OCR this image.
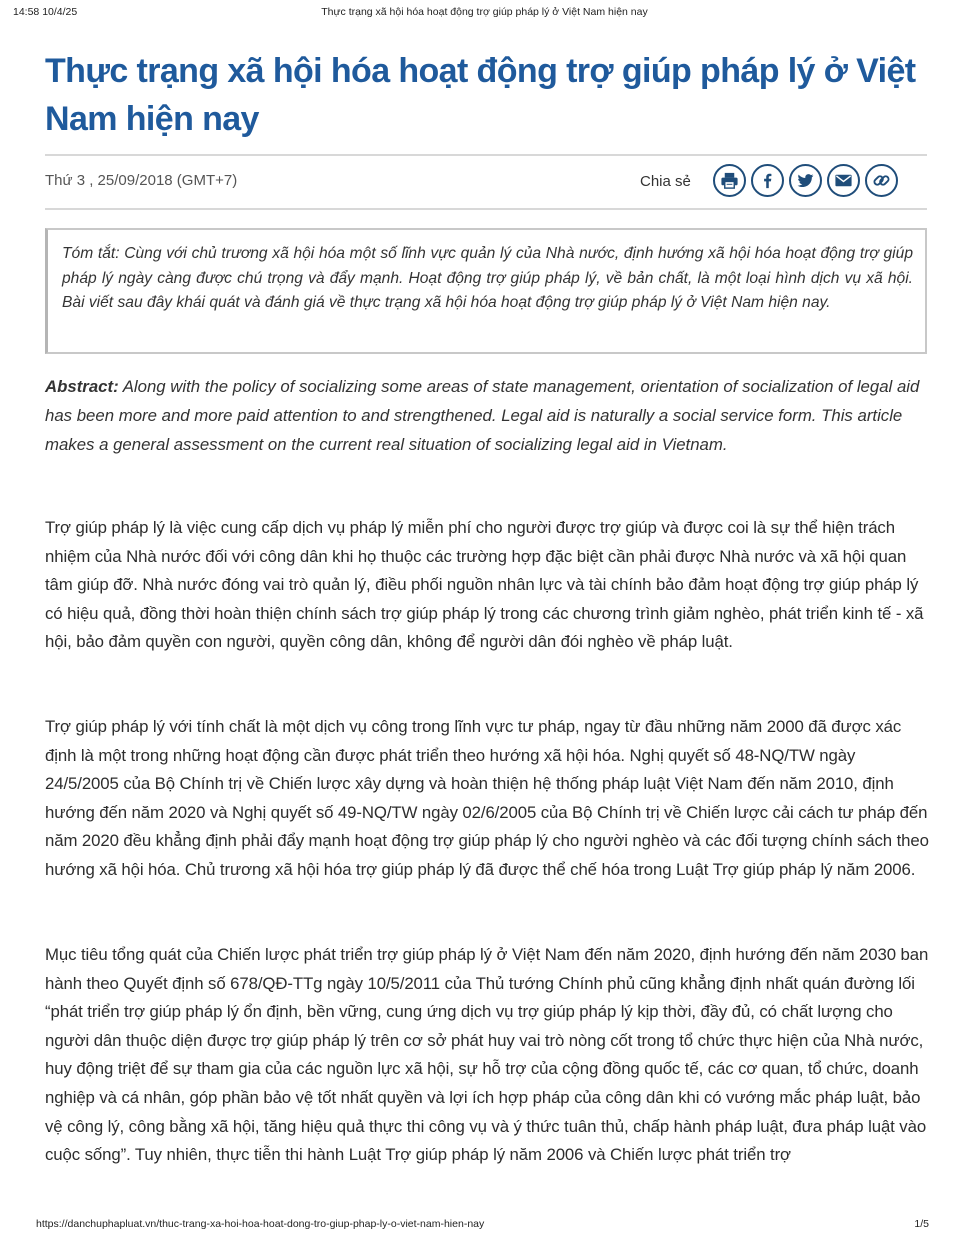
14:58 10/4/25	Thực trạng xã hội hóa hoạt động trợ giúp pháp lý ở Việt Nam hiện nay
Thực trạng xã hội hóa hoạt động trợ giúp pháp lý ở Việt Nam hiện nay
Thứ 3 , 25/09/2018 (GMT+7)	Chia sẻ
Tóm tắt: Cùng với chủ trương xã hội hóa một số lĩnh vực quản lý của Nhà nước, định hướng xã hội hóa hoạt động trợ giúp pháp lý ngày càng được chú trọng và đẩy mạnh. Hoạt động trợ giúp pháp lý, về bản chất, là một loại hình dịch vụ xã hội. Bài viết sau đây khái quát và đánh giá về thực trạng xã hội hóa hoạt động trợ giúp pháp lý ở Việt Nam hiện nay.

Abstract: Along with the policy of socializing some areas of state management, orientation of socialization of legal aid has been more and more paid attention to and strengthened. Legal aid is naturally a social service form. This article makes a general assessment on the current real situation of socializing legal aid in Vietnam.

Trợ giúp pháp lý là việc cung cấp dịch vụ pháp lý miễn phí cho người được trợ giúp và được coi là sự thể hiện trách nhiệm của Nhà nước đối với công dân khi họ thuộc các trường hợp đặc biệt cần phải được Nhà nước và xã hội quan tâm giúp đỡ. Nhà nước đóng vai trò quản lý, điều phối nguồn nhân lực và tài chính bảo đảm hoạt động trợ giúp pháp lý có hiệu quả, đồng thời hoàn thiện chính sách trợ giúp pháp lý trong các chương trình giảm nghèo, phát triển kinh tế - xã hội, bảo đảm quyền con người, quyền công dân, không để người dân đói nghèo về pháp luật.

Trợ giúp pháp lý với tính chất là một dịch vụ công trong lĩnh vực tư pháp, ngay từ đầu những năm 2000 đã được xác định là một trong những hoạt động cần được phát triển theo hướng xã hội hóa. Nghị quyết số 48-NQ/TW ngày 24/5/2005 của Bộ Chính trị về Chiến lược xây dựng và hoàn thiện hệ thống pháp luật Việt Nam đến năm 2010, định hướng đến năm 2020 và Nghị quyết số 49-NQ/TW ngày 02/6/2005 của Bộ Chính trị về Chiến lược cải cách tư pháp đến năm 2020 đều khẳng định phải đẩy mạnh hoạt động trợ giúp pháp lý cho người nghèo và các đối tượng chính sách theo hướng xã hội hóa. Chủ trương xã hội hóa trợ giúp pháp lý đã được thể chế hóa trong Luật Trợ giúp pháp lý năm 2006.

Mục tiêu tổng quát của Chiến lược phát triển trợ giúp pháp lý ở Việt Nam đến năm 2020, định hướng đến năm 2030 ban hành theo Quyết định số 678/QĐ-TTg ngày 10/5/2011 của Thủ tướng Chính phủ cũng khẳng định nhất quán đường lối “phát triển trợ giúp pháp lý ổn định, bền vững, cung ứng dịch vụ trợ giúp pháp lý kịp thời, đầy đủ, có chất lượng cho người dân thuộc diện được trợ giúp pháp lý trên cơ sở phát huy vai trò nòng cốt trong tổ chức thực hiện của Nhà nước, huy động triệt để sự tham gia của các nguồn lực xã hội, sự hỗ trợ của cộng đồng quốc tế, các cơ quan, tổ chức, doanh nghiệp và cá nhân, góp phần bảo vệ tốt nhất quyền và lợi ích hợp pháp của công dân khi có vướng mắc pháp luật, bảo vệ công lý, công bằng xã hội, tăng hiệu quả thực thi công vụ và ý thức tuân thủ, chấp hành pháp luật, đưa pháp luật vào cuộc sống”. Tuy nhiên, thực tiễn thi hành Luật Trợ giúp pháp lý năm 2006 và Chiến lược phát triển trợ

https://danchuphapluat.vn/thuc-trang-xa-hoi-hoa-hoat-dong-tro-giup-phap-ly-o-viet-nam-hien-nay	1/5
